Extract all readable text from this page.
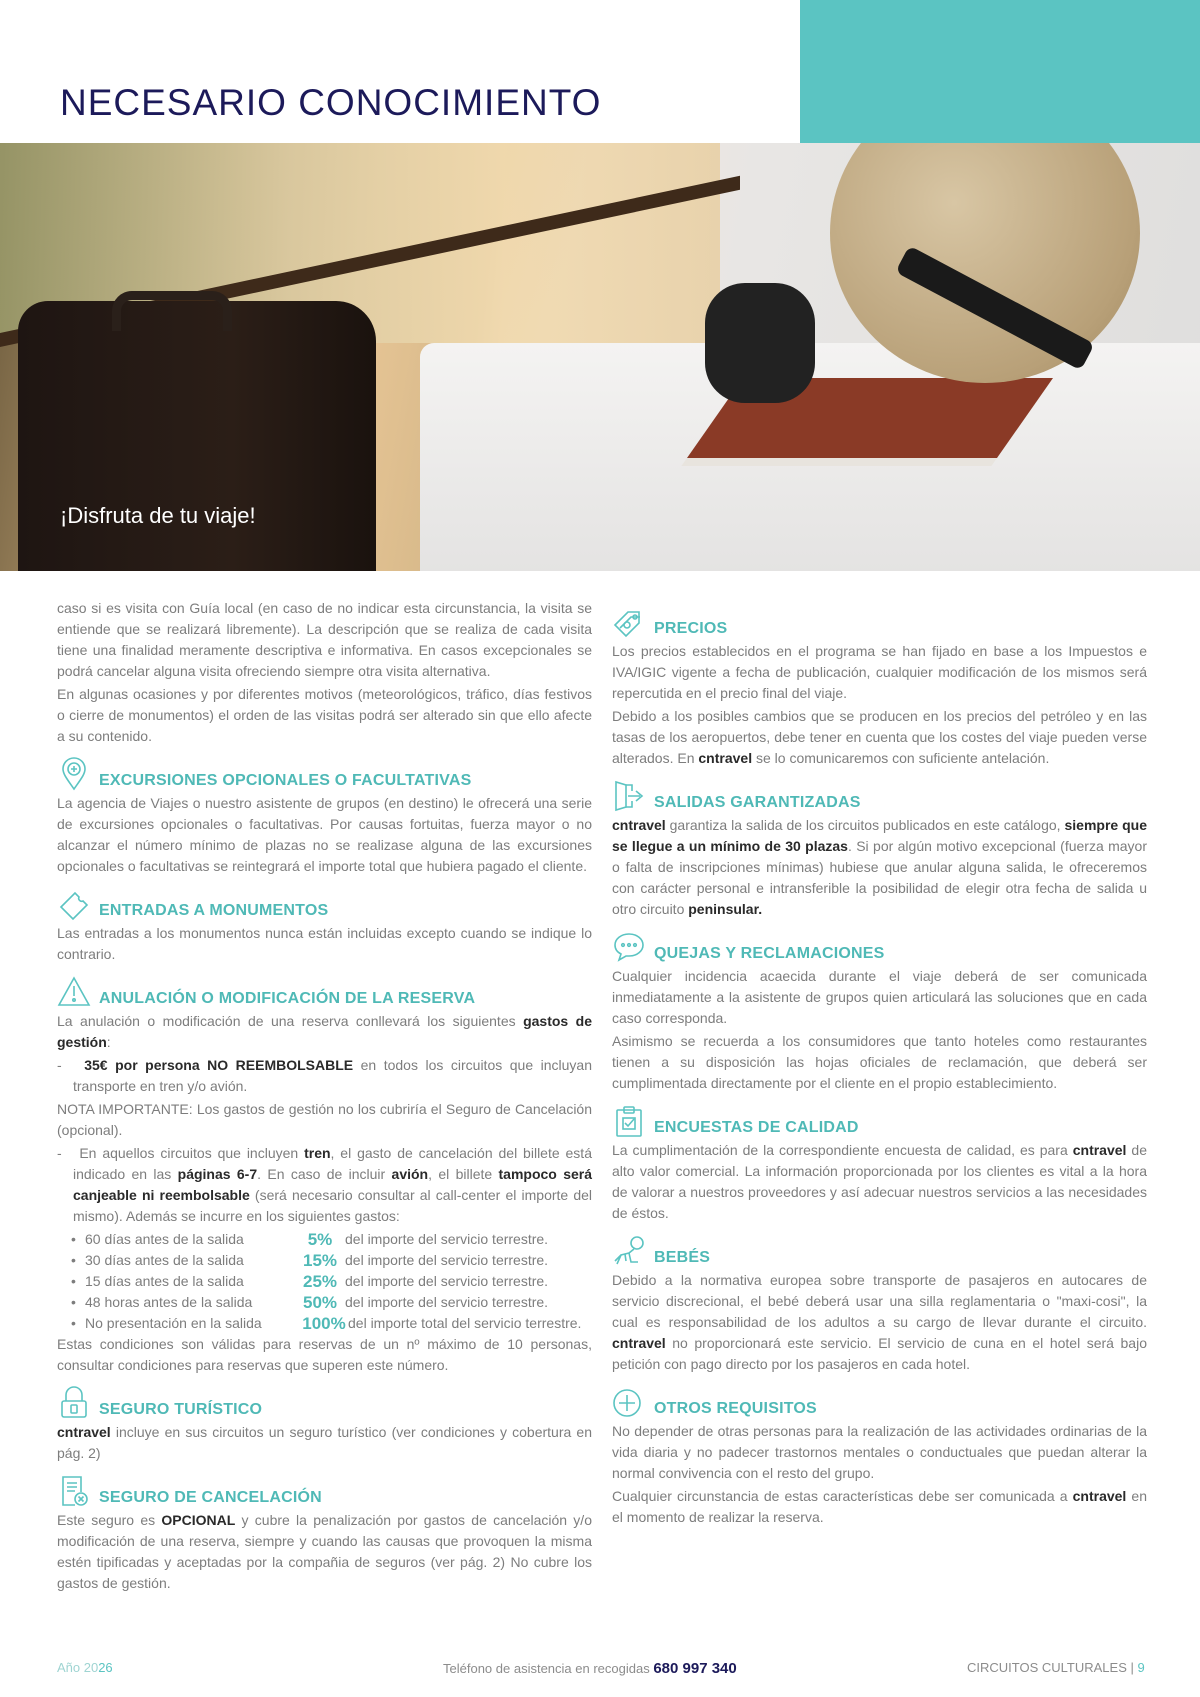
NECESARIO CONOCIMIENTO
¡Disfruta de tu viaje!

caso si es visita con Guía local (en caso de no indicar esta circunstancia, la visita se entiende que se realizará libremente). La descripción que se realiza de cada visita tiene una finalidad meramente descriptiva e informativa. En casos excepcionales se podrá cancelar alguna visita ofreciendo siempre otra visita alternativa.

En algunas ocasiones y por diferentes motivos (meteorológicos, tráfico, días festivos o cierre de monumentos) el orden de las visitas podrá ser alterado sin que ello afecte a su contenido.

EXCURSIONES OPCIONALES O FACULTATIVAS

La agencia de Viajes o nuestro asistente de grupos (en destino) le ofrecerá una serie de excursiones opcionales o facultativas. Por causas fortuitas, fuerza mayor o no alcanzar el número mínimo de plazas no se realizase alguna de las excursiones opcionales o facultativas se reintegrará el importe total que hubiera pagado el cliente.

ENTRADAS A MONUMENTOS

Las entradas a los monumentos nunca están incluidas excepto cuando se indique lo contrario.

ANULACIÓN O MODIFICACIÓN DE LA RESERVA

La anulación o modificación de una reserva conllevará los siguientes gastos de gestión:

-   35€ por persona NO REEMBOLSABLE en todos los circuitos que incluyan transporte en tren y/o avión.

NOTA IMPORTANTE: Los gastos de gestión no los cubriría el Seguro de Cancelación (opcional).

-   En aquellos circuitos que incluyen tren, el gasto de cancelación del billete está indicado en las páginas 6-7. En caso de incluir avión, el billete tampoco será canjeable ni reembolsable (será necesario consultar al call-center el importe del mismo). Además se incurre en los siguientes gastos:

• 60 días antes de la salida	5% del importe del servicio terrestre.
• 30 días antes de la salida	15% del importe del servicio terrestre.
• 15 días antes de la salida	25% del importe del servicio terrestre.
• 48 horas antes de la salida	50% del importe del servicio terrestre.
• No presentación en la salida	100% del importe total del servicio terrestre.

Estas condiciones son válidas para reservas de un nº máximo de 10 personas, consultar condiciones para reservas que superen este número.

SEGURO TURÍSTICO

cntravel incluye en sus circuitos un seguro turístico (ver condiciones y cobertura en pág. 2)

SEGURO DE CANCELACIÓN

Este seguro es OPCIONAL y cubre la penalización por gastos de cancelación y/o modificación de una reserva, siempre y cuando las causas que provoquen la misma estén tipificadas y aceptadas por la compañia de seguros (ver pág. 2) No cubre los gastos de gestión.

PRECIOS

Los precios establecidos en el programa se han fijado en base a los Impuestos e IVA/IGIC vigente a fecha de publicación, cualquier modificación de los mismos será repercutida en el precio final del viaje.

Debido a los posibles cambios que se producen en los precios del petróleo y en las tasas de los aeropuertos, debe tener en cuenta que los costes del viaje pueden verse alterados. En cntravel se lo comunicaremos con suficiente antelación.

SALIDAS GARANTIZADAS

cntravel garantiza la salida de los circuitos publicados en este catálogo, siempre que se llegue a un mínimo de 30 plazas. Si por algún motivo excepcional (fuerza mayor o falta de inscripciones mínimas) hubiese que anular alguna salida, le ofreceremos con carácter personal e intransferible la posibilidad de elegir otra fecha de salida u otro circuito peninsular.

QUEJAS Y RECLAMACIONES

Cualquier incidencia acaecida durante el viaje deberá de ser comunicada inmediatamente a la asistente de grupos quien articulará las soluciones que en cada caso corresponda.

Asimismo se recuerda a los consumidores que tanto hoteles como restaurantes tienen a su disposición las hojas oficiales de reclamación, que deberá ser cumplimentada directamente por el cliente en el propio establecimiento.

ENCUESTAS DE CALIDAD

La cumplimentación de la correspondiente encuesta de calidad, es para cntravel de alto valor comercial. La información proporcionada por los clientes es vital a la hora de valorar a nuestros proveedores y así adecuar nuestros servicios a las necesidades de éstos.

BEBÉS

Debido a la normativa europea sobre transporte de pasajeros en autocares de servicio discrecional, el bebé deberá usar una silla reglamentaria o "maxi-cosi", la cual es responsabilidad de los adultos a su cargo de llevar durante el circuito. cntravel no proporcionará este servicio. El servicio de cuna en el hotel será bajo petición con pago directo por los pasajeros en cada hotel.

OTROS REQUISITOS

No depender de otras personas para la realización de las actividades ordinarias de la vida diaria y no padecer trastornos mentales o conductuales que puedan alterar la normal convivencia con el resto del grupo.

Cualquier circunstancia de estas características debe ser comunicada a cntravel en el momento de realizar la reserva.

Año 2026	Teléfono de asistencia en recogidas 680 997 340	CIRCUITOS CULTURALES | 9
